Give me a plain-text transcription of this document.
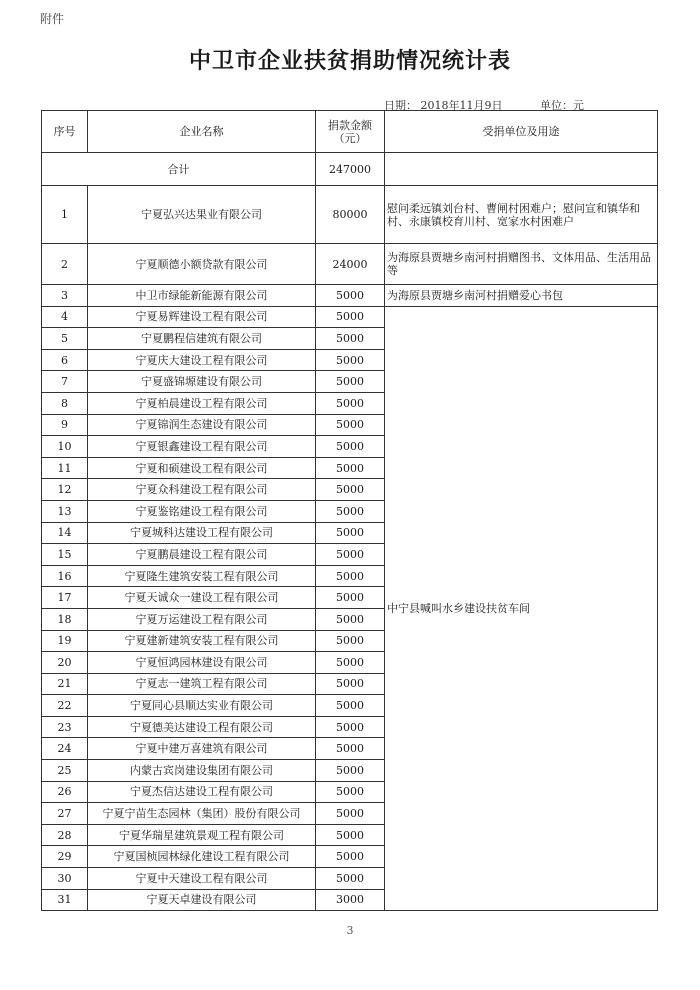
附件
中卫市企业扶贫捐助情况统计表
日期： 2018年11月9日	单位：元
序号	企业名称	捐款金额（元）	受捐单位及用途
合计		247000	
1	宁夏弘兴达果业有限公司	80000	慰问柔远镇刘台村、曹闸村困难户；慰问宣和镇华和村、永康镇校育川村、宽家水村困难户
2	宁夏顺德小额贷款有限公司	24000	为海原县贾塘乡南河村捐赠图书、文体用品、生活用品等
3	中卫市绿能新能源有限公司	5000	为海原县贾塘乡南河村捐赠爱心书包
4	宁夏易辉建设工程有限公司	5000	中宁县喊叫水乡建设扶贫车间
5	宁夏鹏程信建筑有限公司	5000	
6	宁夏庆大建设工程有限公司	5000	
7	宁夏盛锦塬建设有限公司	5000	
8	宁夏柏晨建设工程有限公司	5000	
9	宁夏锦润生态建设有限公司	5000	
10	宁夏银鑫建设工程有限公司	5000	
11	宁夏和硕建设工程有限公司	5000	
12	宁夏众科建设工程有限公司	5000	
13	宁夏鉴铭建设工程有限公司	5000	
14	宁夏城科达建设工程有限公司	5000	
15	宁夏鹏晨建设工程有限公司	5000	
16	宁夏隆生建筑安装工程有限公司	5000	
17	宁夏天诚众一建设工程有限公司	5000	
18	宁夏万运建设工程有限公司	5000	
19	宁夏建新建筑安装工程有限公司	5000	
20	宁夏恒鸿园林建设有限公司	5000	
21	宁夏志一建筑工程有限公司	5000	
22	宁夏同心县顺达实业有限公司	5000	
23	宁夏德美达建设工程有限公司	5000	
24	宁夏中建万喜建筑有限公司	5000	
25	内蒙古宾岗建设集团有限公司	5000	
26	宁夏杰信达建设工程有限公司	5000	
27	宁夏宁苗生态园林（集团）股份有限公司	5000	
28	宁夏华瑞星建筑景观工程有限公司	5000	
29	宁夏国桢园林绿化建设工程有限公司	5000	
30	宁夏中天建设工程有限公司	5000	
31	宁夏天卓建设有限公司	3000	
3
